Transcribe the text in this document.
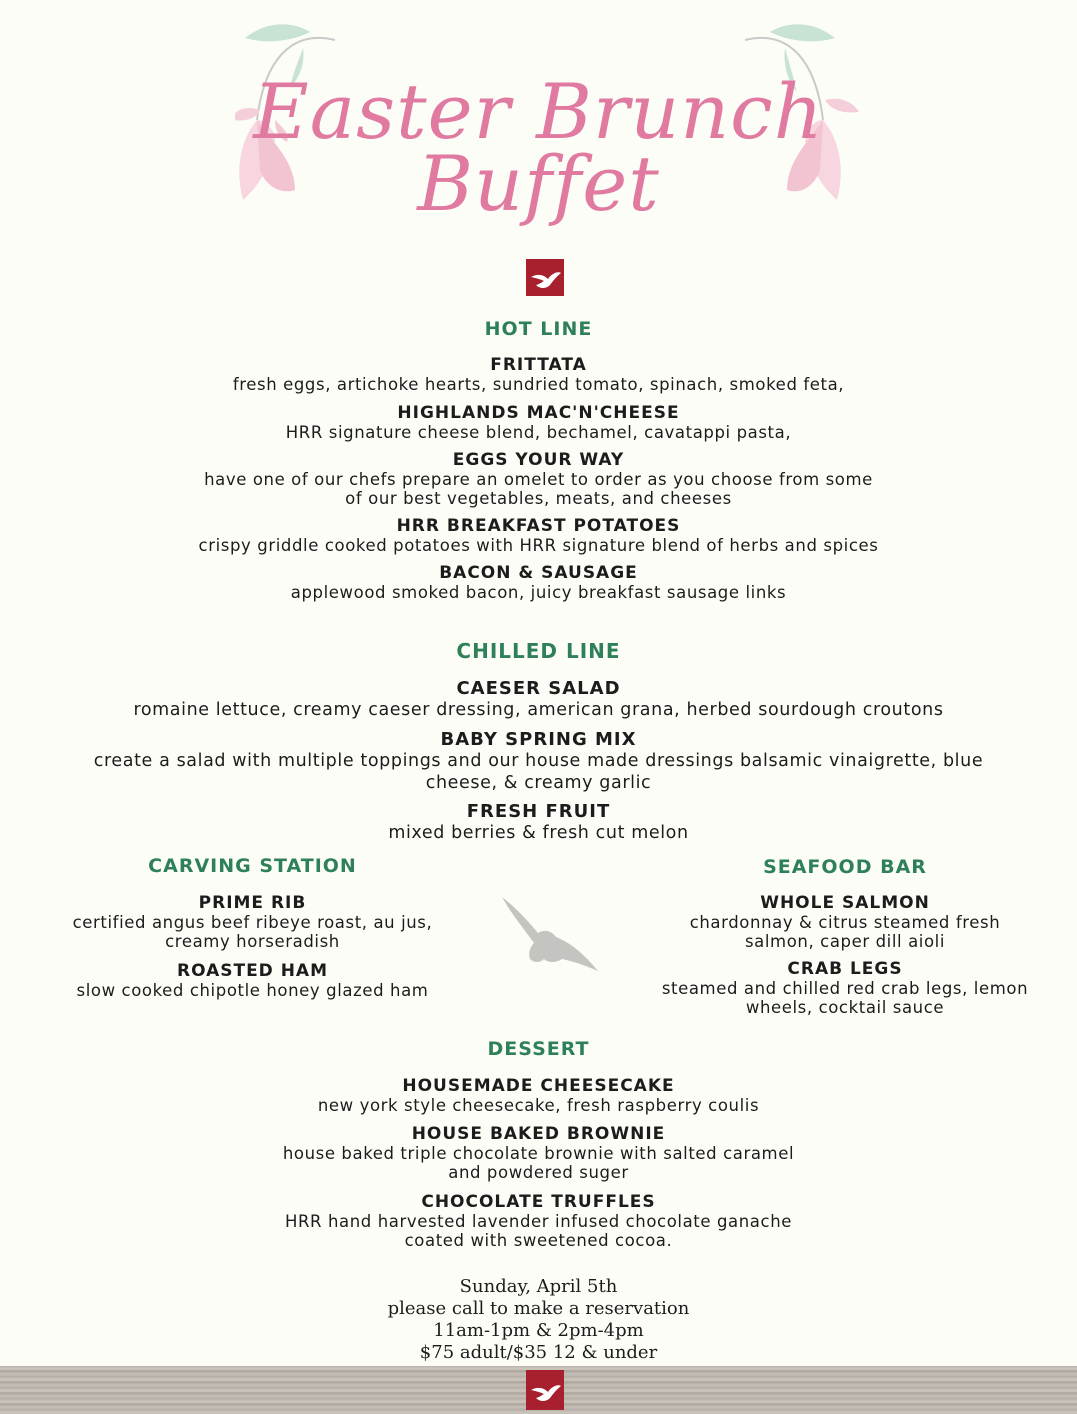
Easter Brunch
Buffet

HOT LINE

FRITTATA

fresh eggs, artichoke hearts, sundried tomato, spinach, smoked feta,

HIGHLANDS MAC'N'CHEESE

HRR signature cheese blend, bechamel, cavatappi pasta,

EGGS YOUR WAY

have one of our chefs prepare an omelet to order as you choose from some

of our best vegetables, meats, and cheeses

HRR BREAKFAST POTATOES

crispy griddle cooked potatoes with HRR signature blend of herbs and spices

BACON & SAUSAGE

applewood smoked bacon, juicy breakfast sausage links

CHILLED LINE

CAESER SALAD

romaine lettuce, creamy caeser dressing, american grana, herbed sourdough croutons

BABY SPRING MIX

create a salad with multiple toppings and our house made dressings balsamic vinaigrette, blue

cheese, & creamy garlic

FRESH FRUIT

mixed berries & fresh cut melon

CARVING STATION

PRIME RIB

certified angus beef ribeye roast, au jus,

creamy horseradish

ROASTED HAM

slow cooked chipotle honey glazed ham

SEAFOOD BAR

WHOLE SALMON

chardonnay & citrus steamed fresh

salmon, caper dill aioli

CRAB LEGS

steamed and chilled red crab legs, lemon

wheels, cocktail sauce

DESSERT

HOUSEMADE CHEESECAKE

new york style cheesecake, fresh raspberry coulis

HOUSE BAKED BROWNIE

house baked triple chocolate brownie with salted caramel

and powdered suger

CHOCOLATE TRUFFLES

HRR hand harvested lavender infused chocolate ganache

coated with sweetened cocoa.

Sunday, April 5th
please call to make a reservation
11am-1pm & 2pm-4pm
$75 adult/$35 12 & under
